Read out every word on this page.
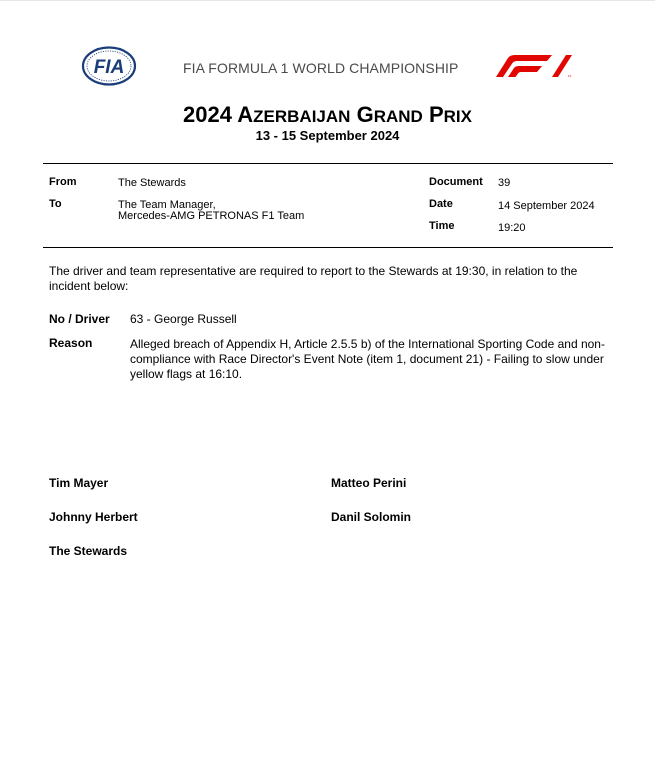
FIA	FIA FORMULA 1 WORLD CHAMPIONSHIP	F1
2024 AZERBAIJAN GRAND PRIX
13 - 15 September 2024
From	The Stewards
To	The Team Manager,
Mercedes-AMG PETRONAS F1 Team
Document 39
Date	14 September 2024
Time	19:20
The driver and team representative are required to report to the Stewards at 19:30, in relation to the incident below:
No / Driver 63 - George Russell
Reason	Alleged breach of Appendix H, Article 2.5.5 b) of the International Sporting Code and non-compliance with Race Director's Event Note (item 1, document 21) - Failing to slow under yellow flags at 16:10.
Tim Mayer
Johnny Herbert
The Stewards
Matteo Perini
Danil Solomin
